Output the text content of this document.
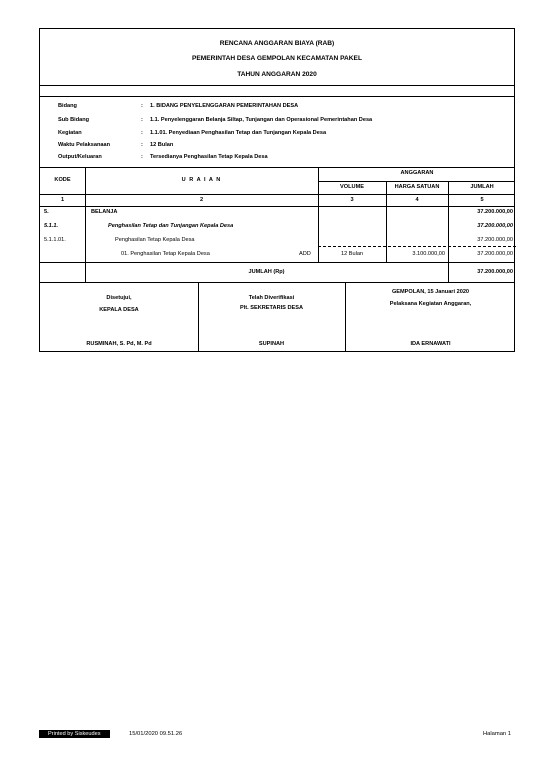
RENCANA ANGGARAN BIAYA (RAB)
PEMERINTAH DESA GEMPOLAN KECAMATAN PAKEL
TAHUN ANGGARAN 2020
Bidang	: 1. BIDANG PENYELENGGARAN PEMERINTAHAN DESA
Sub Bidang	: 1.1. Penyelenggaran Belanja Siltap, Tunjangan dan Operasional Pemerintahan Desa
Kegiatan	: 1.1.01. Penyediaan Penghasilan Tetap dan Tunjangan Kepala Desa
Waktu Pelaksanaan	: 12 Bulan
Output/Keluaran	: Tersedianya Penghasilan Tetap Kepala Desa
KODE	U R A I A N
ANGGARAN
VOLUME	HARGA SATUAN	JUMLAH
1	2	3	4	5
5.	BELANJA	37.200.000,00
5.1.1.	Penghasilan Tetap dan Tunjangan Kepala Desa	37.200.000,00
5.1.1.01.	Penghasilan Tetap Kepala Desa	37.200.000,00
01. Penghasilan Tetap Kepala Desa	ADD	12 Bulan	3.100.000,00	37.200.000,00
JUMLAH (Rp)	37.200.000,00
Disetujui,
KEPALA DESA
RUSMINAH, S. Pd, M. Pd
Telah Diverifikasi
Plt. SEKRETARIS DESA
SUPINAH
GEMPOLAN, 15 Januari 2020
Pelaksana Kegiatan Anggaran,
IDA ERNAWATI
Printed by Siskeudes	15/01/2020 09.51.26	Halaman 1
